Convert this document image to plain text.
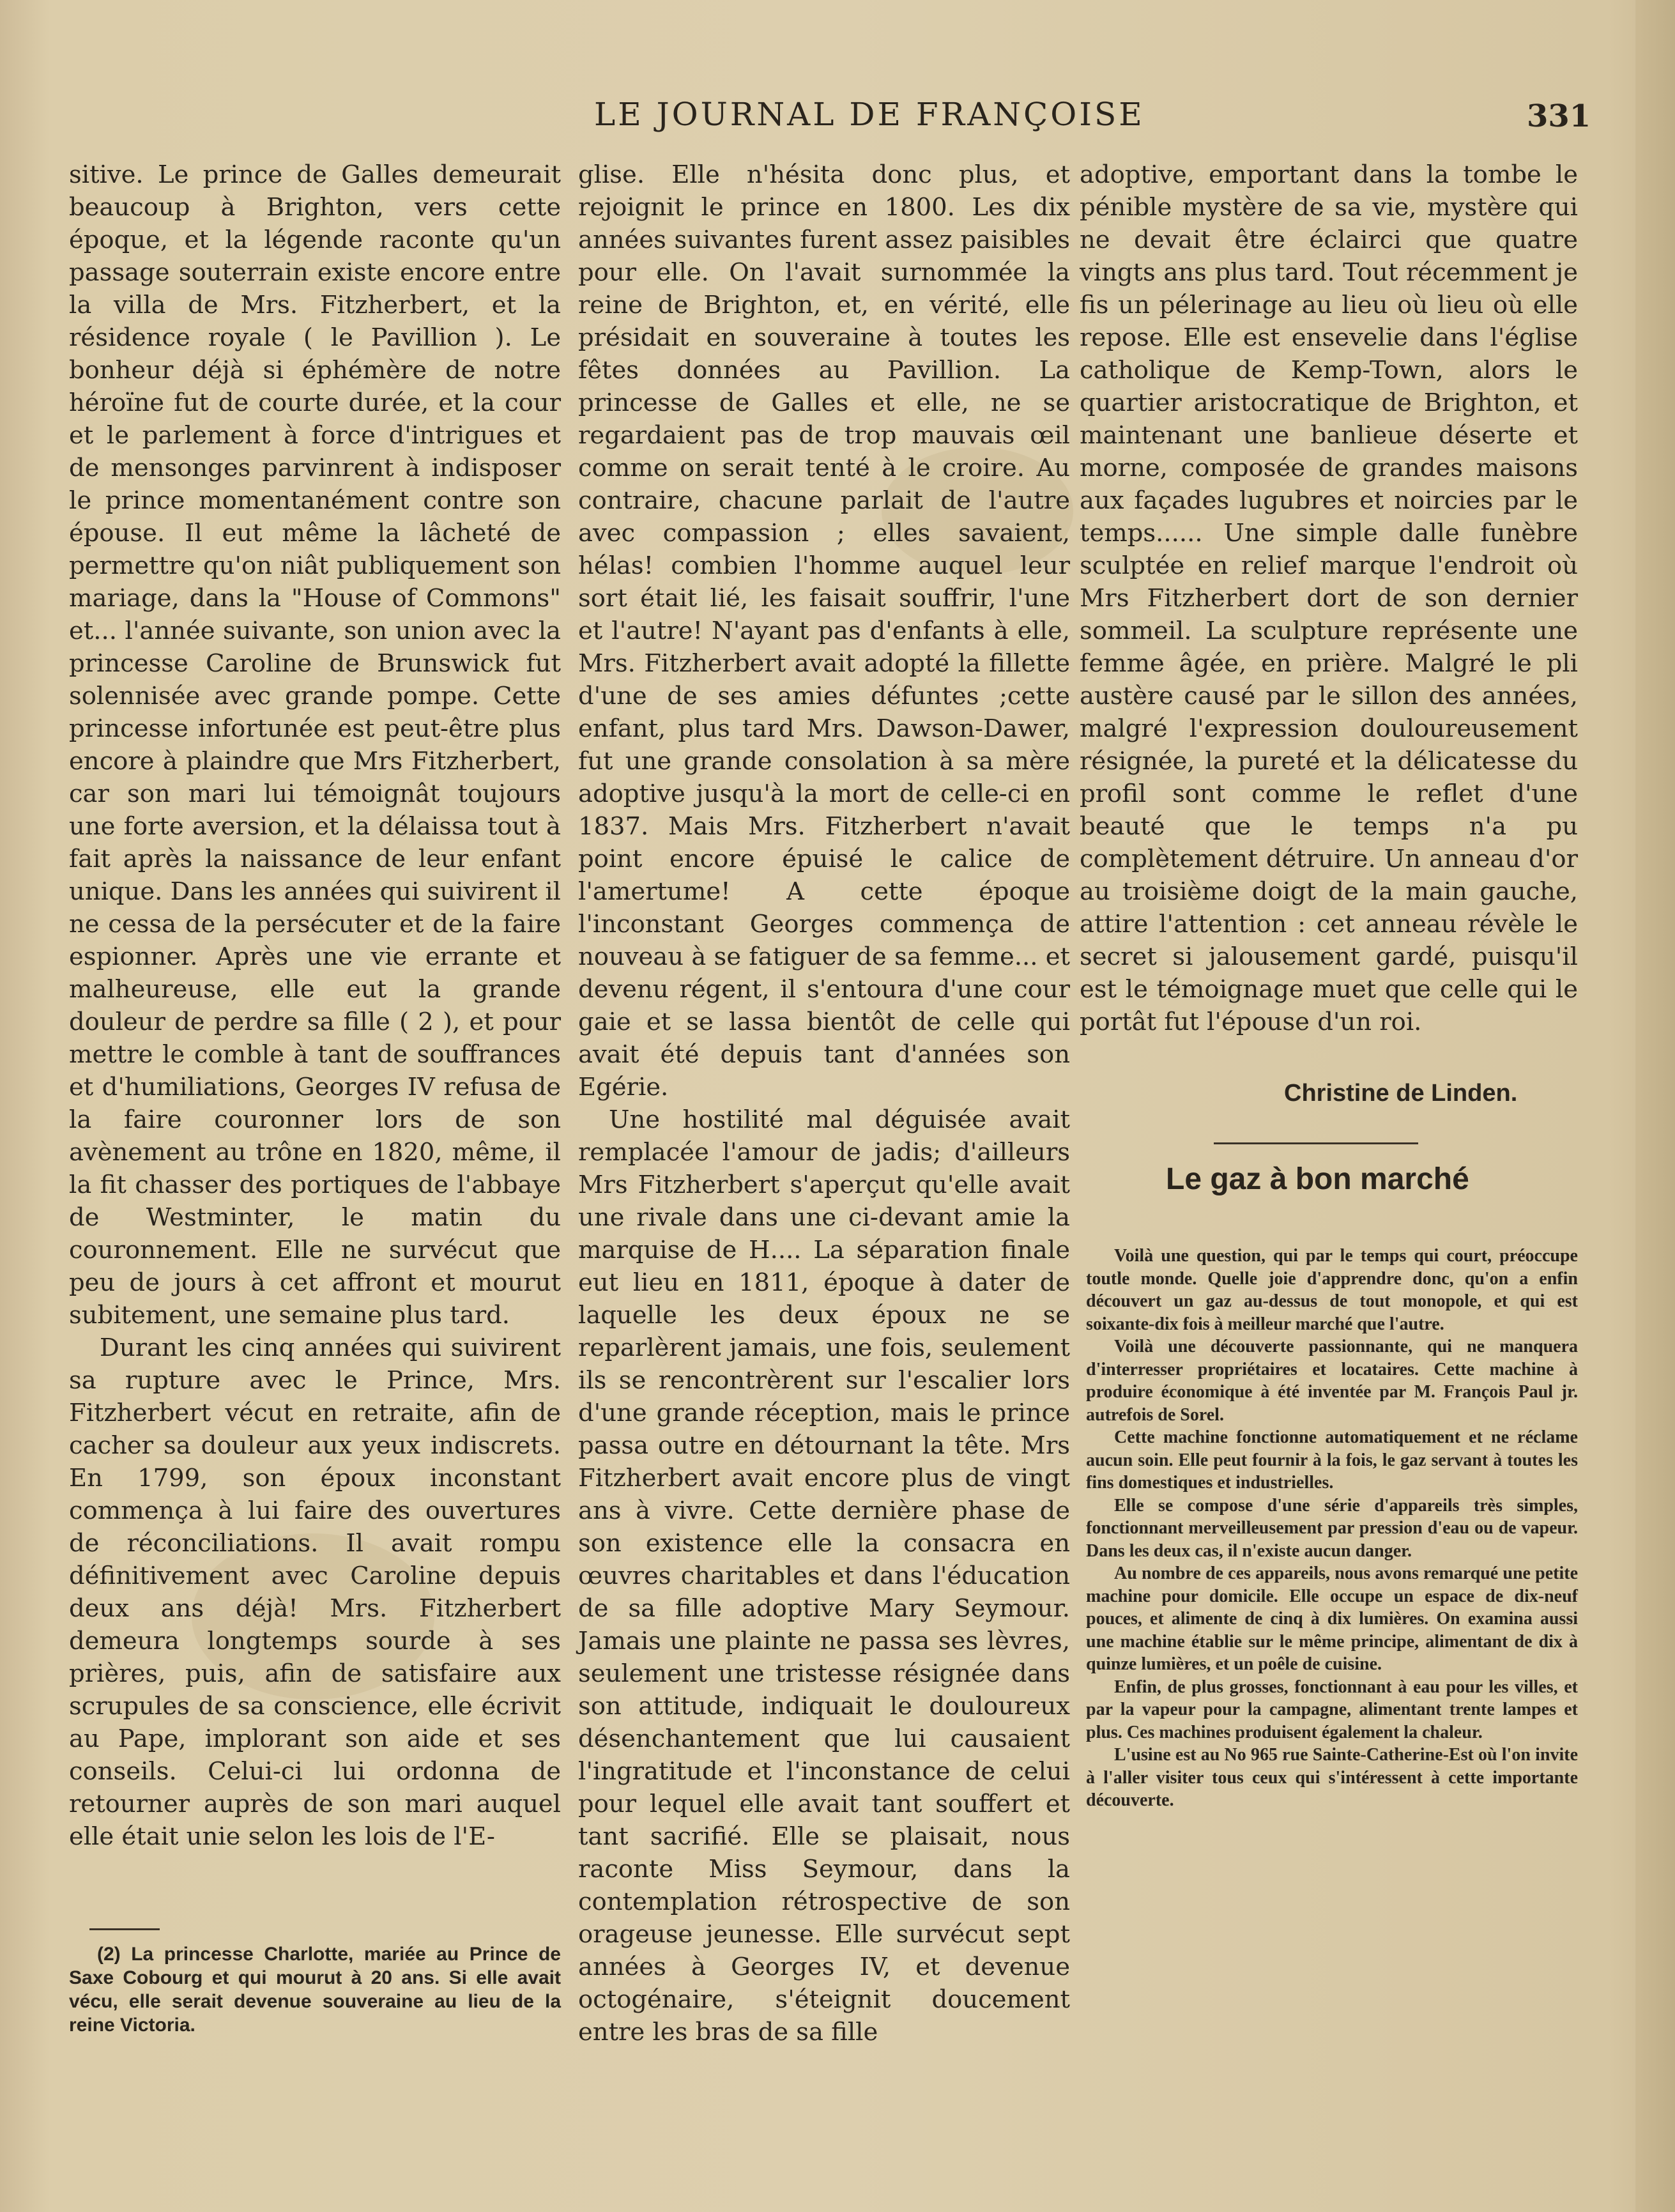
LE JOURNAL DE FRANÇOISE	331

sitive. Le prince de Galles demeurait beaucoup à Brighton, vers cette époque, et la légende raconte qu'un passage souterrain existe encore entre la villa de Mrs. Fitzherbert, et la résidence royale ( le Pavillion ). Le bonheur déjà si éphémère de notre héroïne fut de courte durée, et la cour et le parlement à force d'intrigues et de mensonges parvinrent à indisposer le prince momentanément contre son épouse. Il eut même la lâcheté de permettre qu'on niât publiquement son mariage, dans la "House of Commons" et... l'année suivante, son union avec la princesse Caroline de Brunswick fut solennisée avec grande pompe. Cette princesse infortunée est peut-être plus encore à plaindre que Mrs Fitzherbert, car son mari lui témoignât toujours une forte aversion, et la délaissa tout à fait après la naissance de leur enfant unique. Dans les années qui suivirent il ne cessa de la persécuter et de la faire espionner. Après une vie errante et malheureuse, elle eut la grande douleur de perdre sa fille ( 2 ), et pour mettre le comble à tant de souffrances et d'humiliations, Georges IV refusa de la faire couronner lors de son avènement au trône en 1820, même, il la fit chasser des portiques de l'abbaye de Westminter, le matin du couronnement. Elle ne survécut que peu de jours à cet affront et mourut subitement, une semaine plus tard.

Durant les cinq années qui suivirent sa rupture avec le Prince, Mrs. Fitzherbert vécut en retraite, afin de cacher sa douleur aux yeux indiscrets. En 1799, son époux inconstant commença à lui faire des ouvertures de réconciliations. Il avait rompu définitivement avec Caroline depuis deux ans déjà! Mrs. Fitzherbert demeura longtemps sourde à ses prières, puis, afin de satisfaire aux scrupules de sa conscience, elle écrivit au Pape, implorant son aide et ses conseils. Celui-ci lui ordonna de retourner auprès de son mari auquel elle était unie selon les lois de l'E-

(2) La princesse Charlotte, mariée au Prince de Saxe Cobourg et qui mourut à 20 ans. Si elle avait vécu, elle serait devenue souveraine au lieu de la reine Victoria.

glise. Elle n'hésita donc plus, et rejoignit le prince en 1800. Les dix années suivantes furent assez paisibles pour elle. On l'avait surnommée la reine de Brighton, et, en vérité, elle présidait en souveraine à toutes les fêtes données au Pavillion. La princesse de Galles et elle, ne se regardaient pas de trop mauvais œil comme on serait tenté à le croire. Au contraire, chacune parlait de l'autre avec compassion ; elles savaient, hélas! combien l'homme auquel leur sort était lié, les faisait souffrir, l'une et l'autre! N'ayant pas d'enfants à elle, Mrs. Fitzherbert avait adopté la fillette d'une de ses amies défuntes ;cette enfant, plus tard Mrs. Dawson-Dawer, fut une grande consolation à sa mère adoptive jusqu'à la mort de celle-ci en 1837. Mais Mrs. Fitzherbert n'avait point encore épuisé le calice de l'amertume! A cette époque l'inconstant Georges commença de nouveau à se fatiguer de sa femme... et devenu régent, il s'entoura d'une cour gaie et se lassa bientôt de celle qui avait été depuis tant d'années son Egérie.

Une hostilité mal déguisée avait remplacée l'amour de jadis; d'ailleurs Mrs Fitzherbert s'aperçut qu'elle avait une rivale dans une ci-devant amie la marquise de H.... La séparation finale eut lieu en 1811, époque à dater de laquelle les deux époux ne se reparlèrent jamais, une fois, seulement ils se rencontrèrent sur l'escalier lors d'une grande réception, mais le prince passa outre en détournant la tête. Mrs Fitzherbert avait encore plus de vingt ans à vivre. Cette dernière phase de son existence elle la consacra en œuvres charitables et dans l'éducation de sa fille adoptive Mary Seymour. Jamais une plainte ne passa ses lèvres, seulement une tristesse résignée dans son attitude, indiquait le douloureux désenchantement que lui causaient l'ingratitude et l'inconstance de celui pour lequel elle avait tant souffert et tant sacrifié. Elle se plaisait, nous raconte Miss Seymour, dans la contemplation rétrospective de son orageuse jeunesse. Elle survécut sept années à Georges IV, et devenue octogénaire, s'éteignit doucement entre les bras de sa fille

adoptive, emportant dans la tombe le pénible mystère de sa vie, mystère qui ne devait être éclairci que quatre vingts ans plus tard. Tout récemment je fis un pélerinage au lieu où lieu où elle repose. Elle est ensevelie dans l'église catholique de Kemp-Town, alors le quartier aristocratique de Brighton, et maintenant une banlieue déserte et morne, composée de grandes maisons aux façades lugubres et noircies par le temps...... Une simple dalle funèbre sculptée en relief marque l'endroit où Mrs Fitzherbert dort de son dernier sommeil. La sculpture représente une femme âgée, en prière. Malgré le pli austère causé par le sillon des années, malgré l'expression douloureusement résignée, la pureté et la délicatesse du profil sont comme le reflet d'une beauté que le temps n'a pu complètement détruire. Un anneau d'or au troisième doigt de la main gauche, attire l'attention : cet anneau révèle le secret si jalousement gardé, puisqu'il est le témoignage muet que celle qui le portât fut l'épouse d'un roi.

Christine de Linden.
Le gaz à bon marché

Voilà une question, qui par le temps qui court, préoccupe toutle monde. Quelle joie d'apprendre donc, qu'on a enfin découvert un gaz au-dessus de tout monopole, et qui est soixante-dix fois à meilleur marché que l'autre.

Voilà une découverte passionnante, qui ne manquera d'interresser propriétaires et locataires. Cette machine à produire économique à été inventée par M. François Paul jr. autrefois de Sorel.

Cette machine fonctionne automatiquement et ne réclame aucun soin. Elle peut fournir à la fois, le gaz servant à toutes les fins domestiques et industrielles.

Elle se compose d'une série d'appareils très simples, fonctionnant merveilleusement par pression d'eau ou de vapeur. Dans les deux cas, il n'existe aucun danger.

Au nombre de ces appareils, nous avons remarqué une petite machine pour domicile. Elle occupe un espace de dix-neuf pouces, et alimente de cinq à dix lumières. On examina aussi une machine établie sur le même principe, alimentant de dix à quinze lumières, et un poêle de cuisine.

Enfin, de plus grosses, fonctionnant à eau pour les villes, et par la vapeur pour la campagne, alimentant trente lampes et plus. Ces machines produisent également la chaleur.

L'usine est au No 965 rue Sainte-Catherine-Est où l'on invite à l'aller visiter tous ceux qui s'intéressent à cette importante découverte.
